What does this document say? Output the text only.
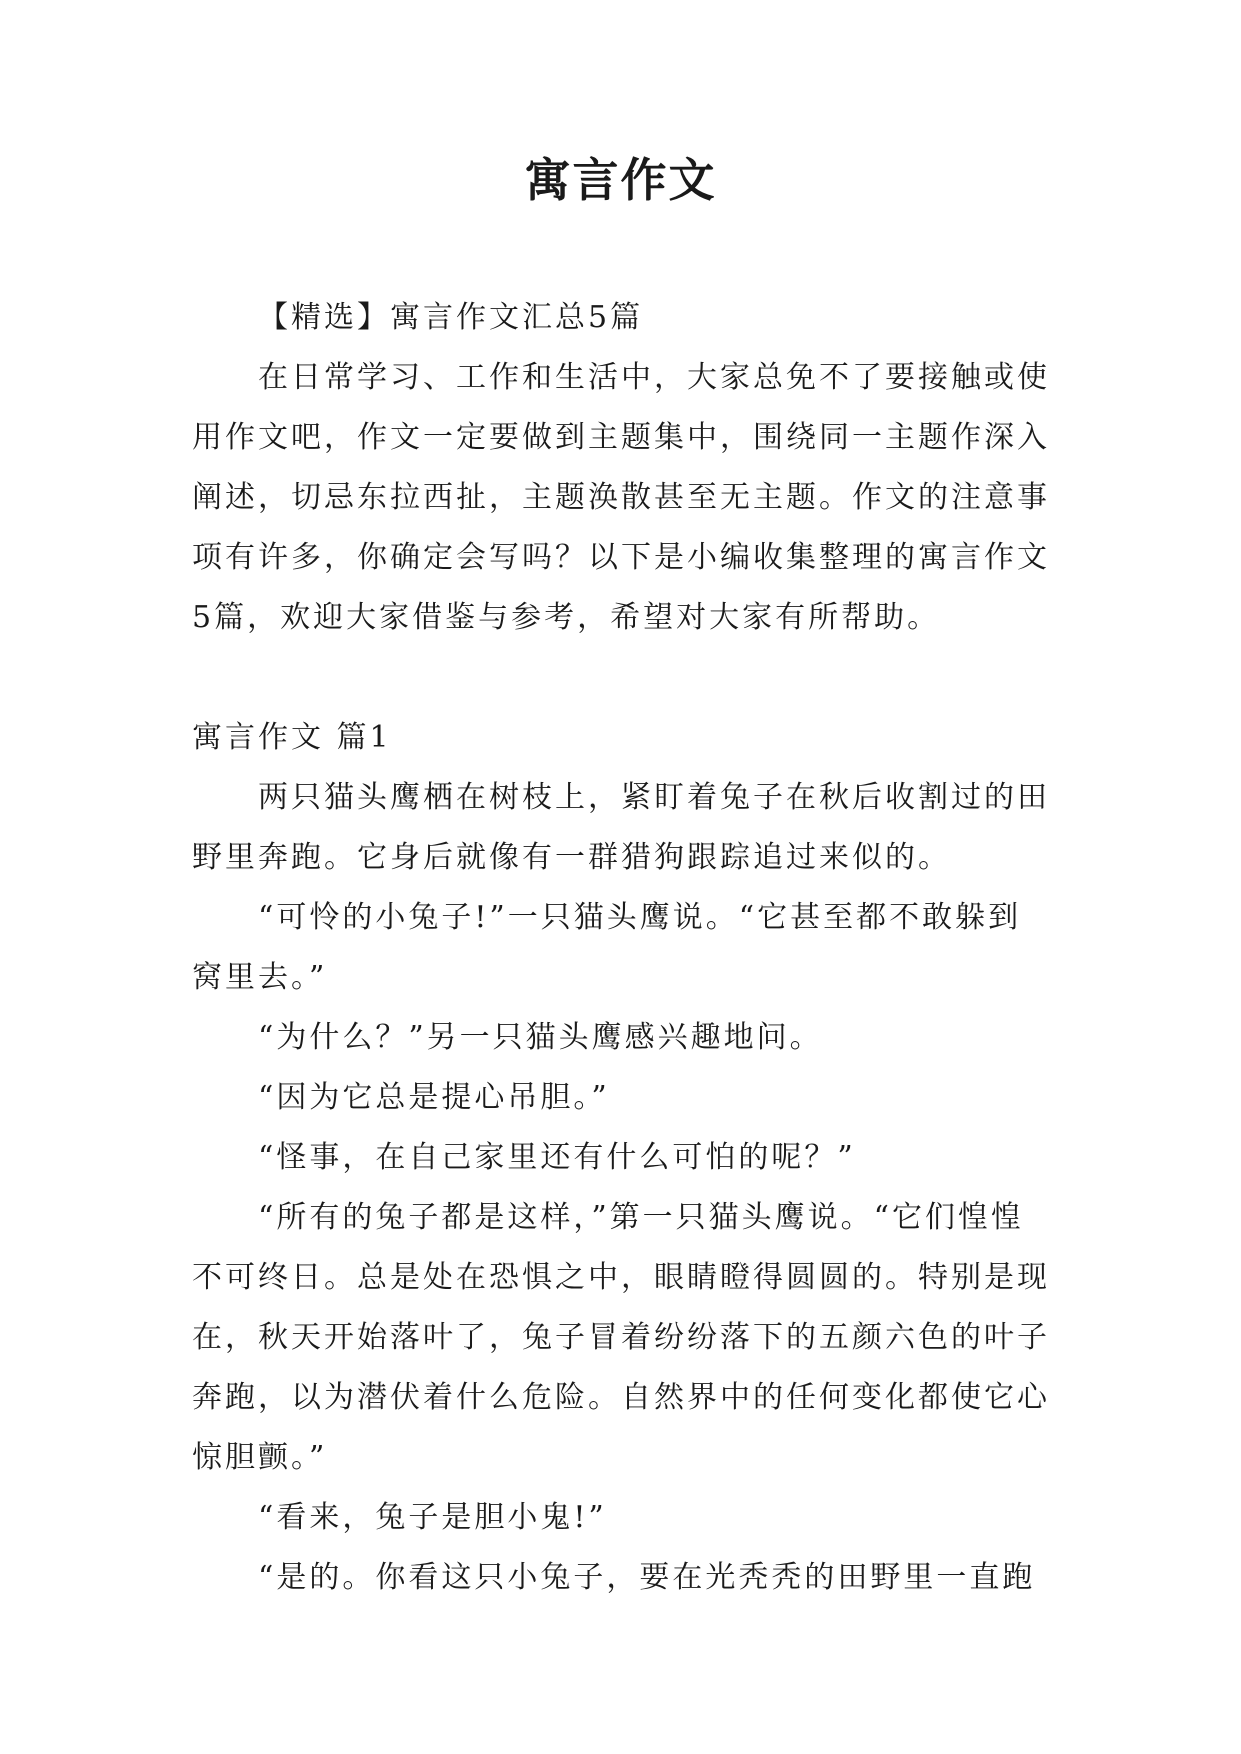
寓言作文

【精选】寓言作文汇总5篇

在日常学习、工作和生活中，大家总免不了要接触或使用作文吧，作文一定要做到主题集中，围绕同一主题作深入阐述，切忌东拉西扯，主题涣散甚至无主题。作文的注意事项有许多，你确定会写吗？以下是小编收集整理的寓言作文5篇，欢迎大家借鉴与参考，希望对大家有所帮助。

寓言作文 篇1

两只猫头鹰栖在树枝上，紧盯着兔子在秋后收割过的田野里奔跑。它身后就像有一群猎狗跟踪追过来似的。

“可怜的小兔子!”一只猫头鹰说。“它甚至都不敢躲到窝里去。”

“为什么？”另一只猫头鹰感兴趣地问。

“因为它总是提心吊胆。”

“怪事，在自己家里还有什么可怕的呢？”

“所有的兔子都是这样，”第一只猫头鹰说。“它们惶惶不可终日。总是处在恐惧之中，眼睛瞪得圆圆的。特别是现在，秋天开始落叶了，兔子冒着纷纷落下的五颜六色的叶子奔跑，以为潜伏着什么危险。自然界中的任何变化都使它心惊胆颤。”

“看来，兔子是胆小鬼!”

“是的。你看这只小兔子，要在光秃秃的田野里一直跑
